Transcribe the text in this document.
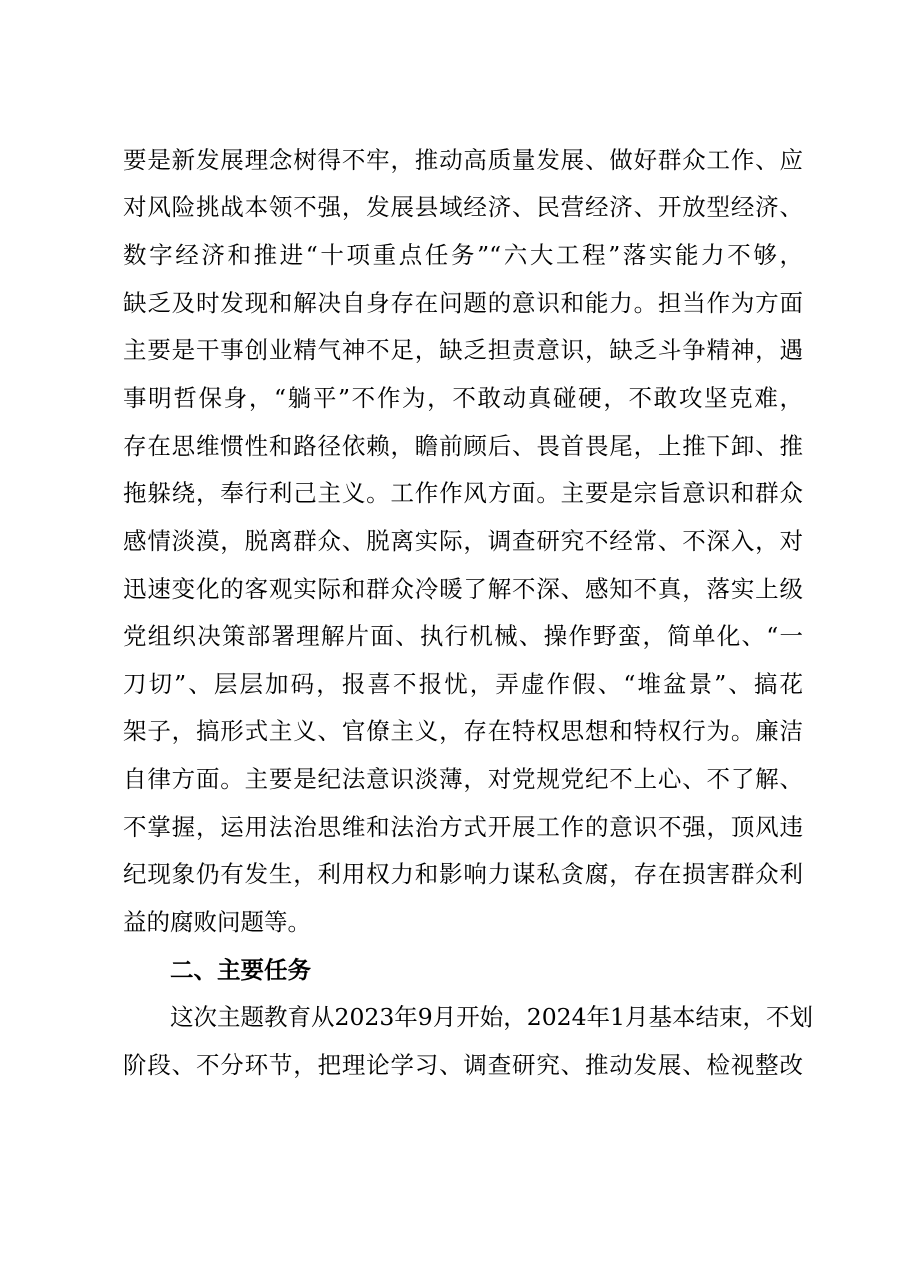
要是新发展理念树得不牢，推动高质量发展、做好群众工作、应
对风险挑战本领不强，发展县域经济、民营经济、开放型经济、
数字经济和推进“十项重点任务”“六大工程”落实能力不够，
缺乏及时发现和解决自身存在问题的意识和能力。担当作为方面
主要是干事创业精气神不足，缺乏担责意识，缺乏斗争精神，遇
事明哲保身，“躺平”不作为，不敢动真碰硬，不敢攻坚克难，
存在思维惯性和路径依赖，瞻前顾后、畏首畏尾，上推下卸、推
拖躲绕，奉行利己主义。工作作风方面。主要是宗旨意识和群众
感情淡漠，脱离群众、脱离实际，调查研究不经常、不深入，对
迅速变化的客观实际和群众冷暖了解不深、感知不真，落实上级
党组织决策部署理解片面、执行机械、操作野蛮，简单化、“一
刀切”、层层加码，报喜不报忧，弄虚作假、“堆盆景”、搞花
架子，搞形式主义、官僚主义，存在特权思想和特权行为。廉洁
自律方面。主要是纪法意识淡薄，对党规党纪不上心、不了解、
不掌握，运用法治思维和法治方式开展工作的意识不强，顶风违
纪现象仍有发生，利用权力和影响力谋私贪腐，存在损害群众利
益的腐败问题等。
二、主要任务
这次主题教育从2023年9月开始，2024年1月基本结束，不划
阶段、不分环节，把理论学习、调查研究、推动发展、检视整改
